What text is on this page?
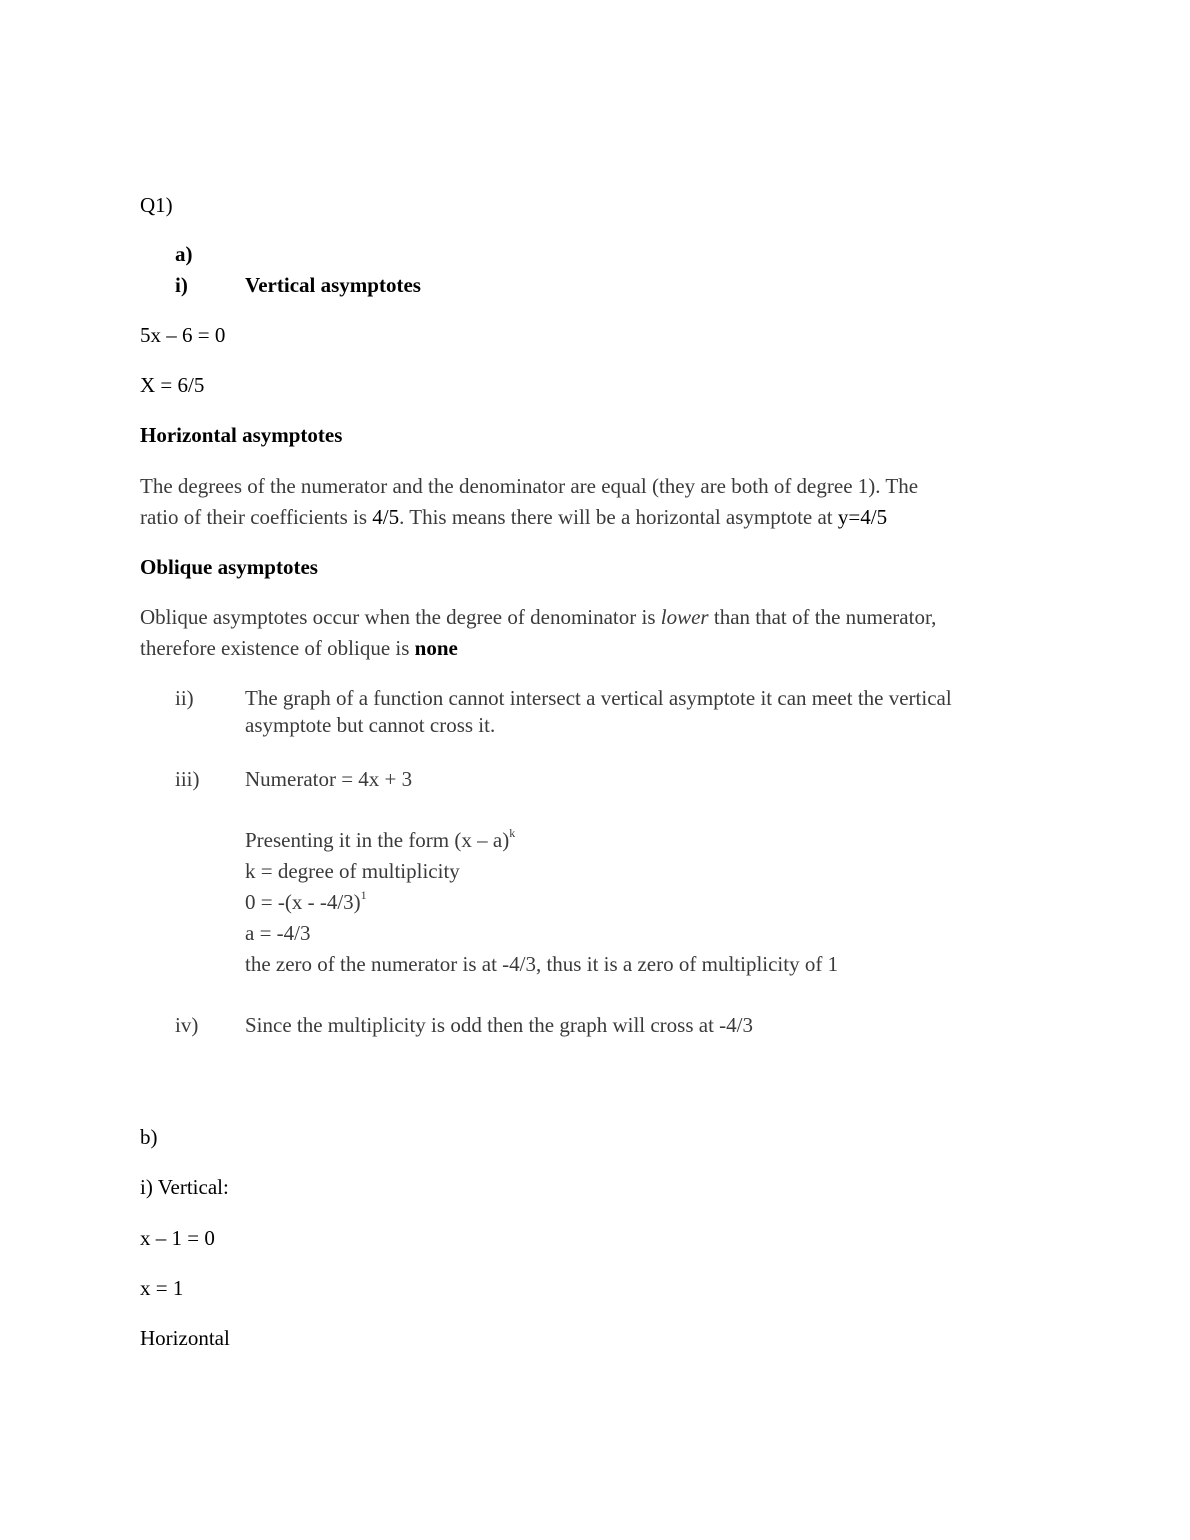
Q1)
a)
i)	Vertical asymptotes
5x – 6 = 0
X = 6/5
Horizontal asymptotes
The degrees of the numerator and the denominator are equal (they are both of degree 1). The
ratio of their coefficients is 4/5. This means there will be a horizontal asymptote at y=4/5
Oblique asymptotes
Oblique asymptotes occur when the degree of denominator is lower than that of the numerator,
therefore existence of oblique is none
ii) The graph of a function cannot intersect a vertical asymptote it can meet the vertical
asymptote but cannot cross it.
iii) Numerator = 4x + 3
Presenting it in the form (x – a)$^k$
k = degree of multiplicity
0 = -(x - -4/3)$^1$
a = -4/3
the zero of the numerator is at -4/3, thus it is a zero of multiplicity of 1
iv) Since the multiplicity is odd then the graph will cross at -4/3
b)
i) Vertical:
x – 1 = 0
x = 1
Horizontal
